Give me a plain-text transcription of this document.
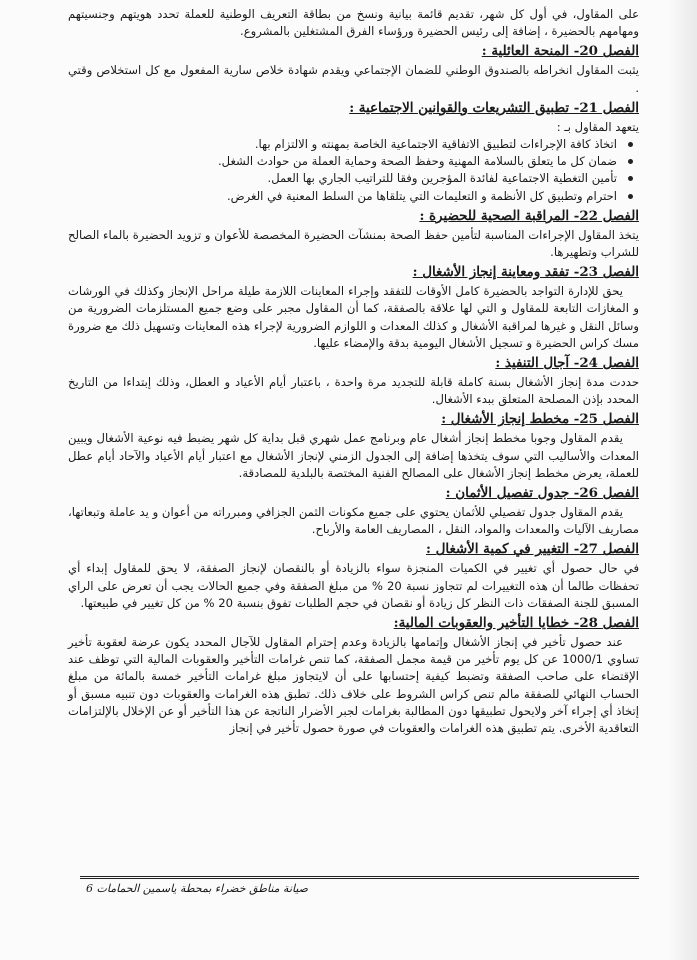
على المقاول، في أول كل شهر، تقديم قائمة بيانية ونسخ من بطاقة التعريف الوطنية للعملة تحدد هويتهم وجنسيتهم ومهامهم بالحضيرة ، إضافة إلى رئيس الحضيرة ورؤساء الفرق المشتغلين بالمشروع.

الفصل 20- المنحة العائلية :

يثبت المقاول انخراطه بالصندوق الوطني للضمان الإجتماعي ويقدم شهادة خلاص سارية المفعول مع كل استخلاص وقتي .

الفصل 21- تطبيق التشريعات والقوانين الاجتماعية :

يتعهد المقاول بـ :

اتخاذ كافة الإجراءات لتطبيق الاتفاقية الاجتماعية الخاصة بمهنته و الالتزام بها.
ضمان كل ما يتعلق بالسلامة المهنية وحفظ الصحة وحماية العملة من حوادث الشغل.
تأمين التغطية الاجتماعية لفائدة المؤجرين وفقا للتراتيب الجاري بها العمل.
احترام وتطبيق كل الأنظمة و التعليمات التي يتلقاها من السلط المعنية في الغرض.
الفصل 22- المراقبة الصحية للحضيرة :

يتخذ المقاول الإجراءات المناسبة لتأمين حفظ الصحة بمنشآت الحضيرة المخصصة للأعوان و تزويد الحضيرة بالماء الصالح للشراب وتطهيرها.

الفصل 23- تفقد ومعاينة إنجاز الأشغال :

يحق للإدارة التواجد بالحضيرة كامل الأوقات للتفقد وإجراء المعاينات اللازمة طيلة مراحل الإنجاز وكذلك في الورشات و المغازات التابعة للمقاول و التي لها علاقة بالصفقة، كما أن المقاول مجبر على وضع جميع المستلزمات الضرورية من وسائل النقل و غيرها لمراقبة الأشغال و كذلك المعدات و اللوازم الضرورية لإجراء هذه المعاينات وتسهيل ذلك مع ضرورة مسك كراس الحضيرة و تسجيل الأشغال اليومية بدقة والإمضاء عليها.

الفصل 24- آجال التنفيذ :

حددت مدة إنجاز الأشغال بسنة كاملة قابلة للتجديد مرة واحدة ، باعتبار أيام الأعياد و العطل، وذلك إبتداءا من التاريخ المحدد بإذن المصلحة المتعلق ببدء الأشغال.

الفصل 25- مخطط إنجاز الأشغال :

يقدم المقاول وجوبا مخطط إنجاز أشغال عام وبرنامج عمل شهري قبل بداية كل شهر يضبط فيه نوعية الأشغال ويبين المعدات والأساليب التي سوف يتخذها إضافة إلى الجدول الزمني لإنجاز الأشغال مع اعتبار أيام الأعياد والآحاد أيام عطل للعملة، يعرض مخطط إنجاز الأشغال على المصالح الفنية المختصة بالبلدية للمصادقة.

الفصل 26- جدول تفصيل الأثمان :

يقدم المقاول جدول تفصيلي للأثمان يحتوي على جميع مكونات الثمن الجزافي ومبرراته من أعوان و يد عاملة وتبعاتها، مصاريف الآليات والمعدات والمواد، النقل ، المصاريف العامة والأرباح.

الفصل 27- التغيير في كمية الأشغال :

في حال حصول أي تغيير في الكميات المنجزة سواء بالزيادة أو بالنقصان لإنجاز الصفقة، لا يحق للمقاول إبداء أي تحفظات طالما أن هذه التغييرات لم تتجاوز نسبة 20 % من مبلغ الصفقة وفي جميع الحالات يجب أن تعرض على الراي المسبق للجنة الصفقات ذات النظر كل زيادة أو نقصان في حجم الطلبات تفوق بنسبة 20 % من كل تغيير في طبيعتها.

الفصل 28- خطايا التأخير والعقوبات المالية:

عند حصول تأخير في إنجاز الأشغال وإتمامها بالزيادة وعدم إحترام المقاول للآجال المحدد يكون عرضة لعقوبة تأخير تساوي 1000/1 عن كل يوم تأخير من قيمة مجمل الصفقة، كما تنص غرامات التأخير والعقوبات المالية التي توظف عند الإقتضاء على صاحب الصفقة وتضبط كيفية إحتسابها على أن لايتجاوز مبلغ غرامات التأخير خمسة بالمائة من مبلغ الحساب النهائي للصفقة مالم تنص كراس الشروط على خلاف ذلك. تطبق هذه الغرامات والعقوبات دون تنبيه مسبق أو إتخاذ أي إجراء آخر ولايحول تطبيقها دون المطالبة بغرامات لجبر الأضرار الناتجة عن هذا التأخير أو عن الإخلال بالإلتزامات التعاقدية الأخرى. يتم تطبيق هذه الغرامات والعقوبات في صورة حصول تأخير في إنجاز

صيانة مناطق خضراء بمحطة ياسمين الحمامات 6
